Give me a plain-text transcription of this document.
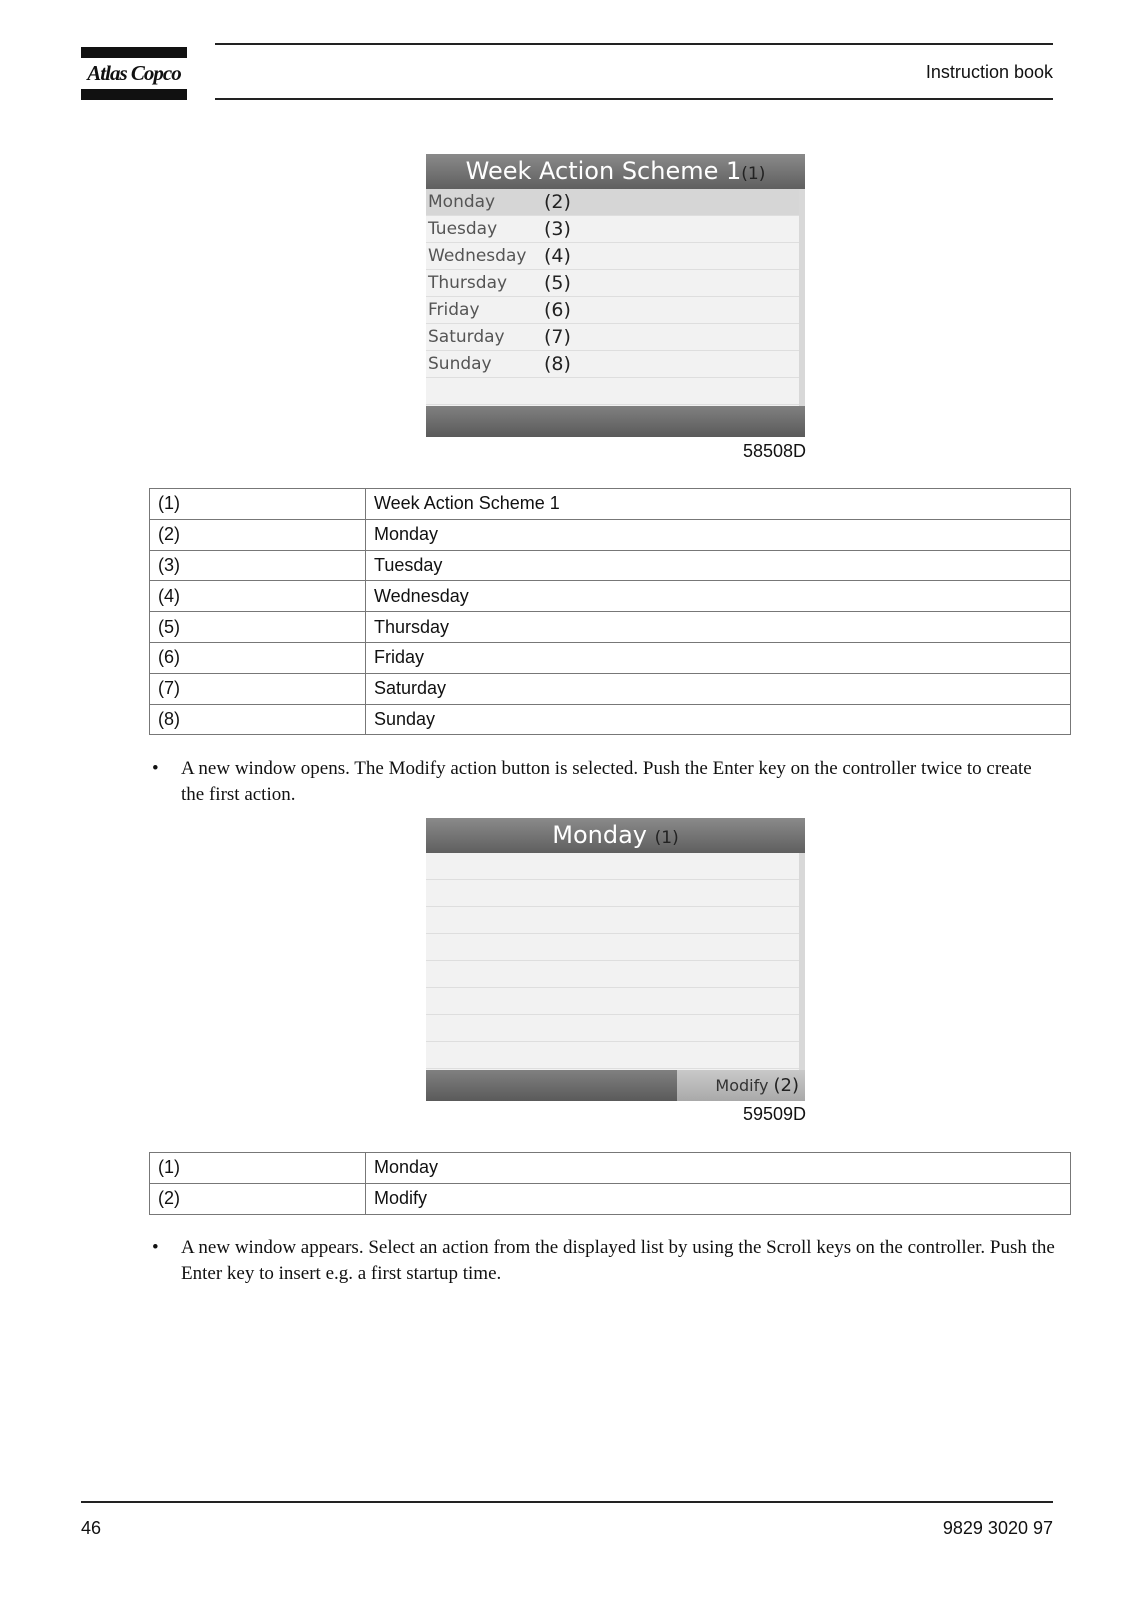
Atlas Copco	Instruction book
Week Action Scheme 1(1)
Monday	(2)
Tuesday (3)
Wednesday (4)
Thursday (5)
Friday	(6)
Saturday (7)
Sunday	(8)
58508D
(1)	Week Action Scheme 1
(2)	Monday
(3)	Tuesday
(4)	Wednesday
(5)	Thursday
(6)	Friday
(7)	Saturday
(8)	Sunday
• A new window opens. The Modify action button is selected. Push the Enter key on the controller twice to create the first action.
Monday (1)
Modify (2)
59509D
(1)	Monday
(2)	Modify
• A new window appears. Select an action from the displayed list by using the Scroll keys on the controller. Push the Enter key to insert e.g. a first startup time.
46	9829 3020 97
